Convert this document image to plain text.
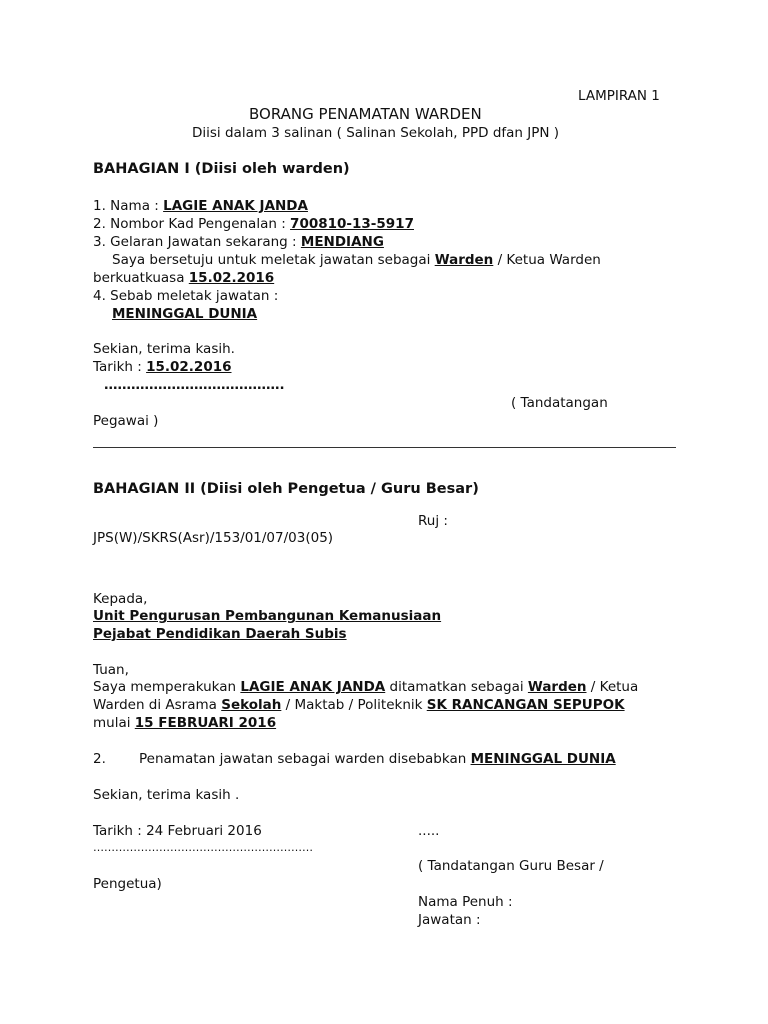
LAMPIRAN 1
BORANG PENAMATAN WARDEN
Diisi dalam 3 salinan ( Salinan Sekolah, PPD dfan JPN )
BAHAGIAN I (Diisi oleh warden)
1. Nama : LAGIE ANAK JANDA
2. Nombor Kad Pengenalan : 700810-13-5917
3. Gelaran Jawatan sekarang : MENDIANG
Saya bersetuju untuk meletak jawatan sebagai Warden / Ketua Warden
berkuatkuasa 15.02.2016
4. Sebab meletak jawatan :
MENINGGAL DUNIA
Sekian, terima kasih.
Tarikh : 15.02.2016
………………………………….
( Tandatangan
Pegawai )
BAHAGIAN II (Diisi oleh Pengetua / Guru Besar)
Ruj :
JPS(W)/SKRS(Asr)/153/01/07/03(05)
Kepada,
Unit Pengurusan Pembangunan Kemanusiaan
Pejabat Pendidikan Daerah Subis
Tuan,
Saya memperakukan LAGIE ANAK JANDA ditamatkan sebagai Warden / Ketua
Warden di Asrama Sekolah / Maktab / Politeknik SK RANCANGAN SEPUPOK
mulai 15 FEBRUARI 2016
2. Penamatan jawatan sebagai warden disebabkan MENINGGAL DUNIA
Sekian, terima kasih .
Tarikh : 24 Februari 2016	.....
……………………………………………………
( Tandatangan Guru Besar /
Pengetua)
Nama Penuh :
Jawatan :
